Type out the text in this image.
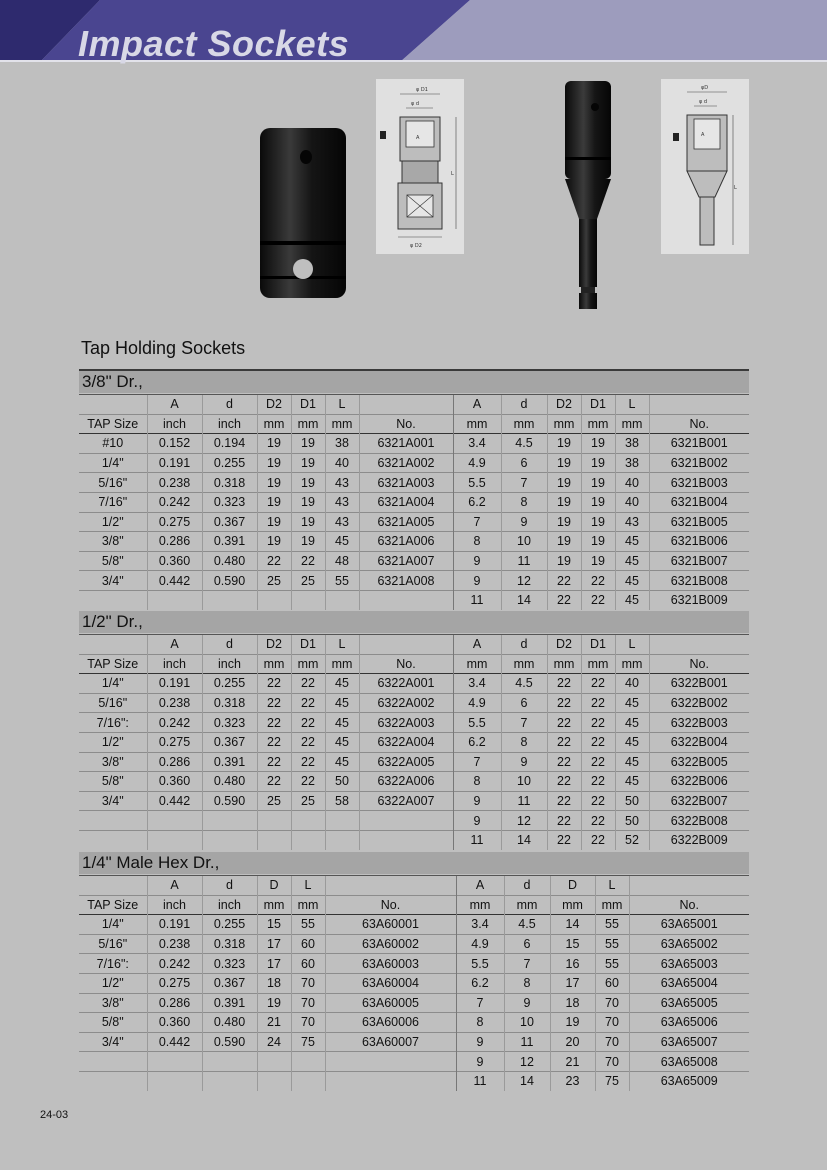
Impact Sockets
φ D1
φ d
A
L
φ D2
φD
φ d
A
L
Tap Holding Sockets
3/8" Dr.,
	A	d	D2	D1	L		A	d	D2	D1	L	
TAP Size	inch	inch	mm	mm	mm	No.	mm	mm	mm	mm	mm	No.
#10	0.152	0.194	19	19	38	6321A001	3.4	4.5	19	19	38	6321B001
1/4"	0.191	0.255	19	19	40	6321A002	4.9	6	19	19	38	6321B002
5/16"	0.238	0.318	19	19	43	6321A003	5.5	7	19	19	40	6321B003
7/16"	0.242	0.323	19	19	43	6321A004	6.2	8	19	19	40	6321B004
1/2"	0.275	0.367	19	19	43	6321A005	7	9	19	19	43	6321B005
3/8"	0.286	0.391	19	19	45	6321A006	8	10	19	19	45	6321B006
5/8"	0.360	0.480	22	22	48	6321A007	9	11	19	19	45	6321B007
3/4"	0.442	0.590	25	25	55	6321A008	9	12	22	22	45	6321B008
							11	14	22	22	45	6321B009
1/2" Dr.,
	A	d	D2	D1	L		A	d	D2	D1	L	
TAP Size	inch	inch	mm	mm	mm	No.	mm	mm	mm	mm	mm	No.
1/4"	0.191	0.255	22	22	45	6322A001	3.4	4.5	22	22	40	6322B001
5/16"	0.238	0.318	22	22	45	6322A002	4.9	6	22	22	45	6322B002
7/16":	0.242	0.323	22	22	45	6322A003	5.5	7	22	22	45	6322B003
1/2"	0.275	0.367	22	22	45	6322A004	6.2	8	22	22	45	6322B004
3/8"	0.286	0.391	22	22	45	6322A005	7	9	22	22	45	6322B005
5/8"	0.360	0.480	22	22	50	6322A006	8	10	22	22	45	6322B006
3/4"	0.442	0.590	25	25	58	6322A007	9	11	22	22	50	6322B007
							9	12	22	22	50	6322B008
							11	14	22	22	52	6322B009
1/4" Male Hex Dr.,
	A	d	D	L		A	d	D	L	
TAP Size	inch	inch	mm	mm	No.	mm	mm	mm	mm	No.
1/4"	0.191	0.255	15	55	63A60001	3.4	4.5	14	55	63A65001
5/16"	0.238	0.318	17	60	63A60002	4.9	6	15	55	63A65002
7/16":	0.242	0.323	17	60	63A60003	5.5	7	16	55	63A65003
1/2"	0.275	0.367	18	70	63A60004	6.2	8	17	60	63A65004
3/8"	0.286	0.391	19	70	63A60005	7	9	18	70	63A65005
5/8"	0.360	0.480	21	70	63A60006	8	10	19	70	63A65006
3/4"	0.442	0.590	24	75	63A60007	9	11	20	70	63A65007
						9	12	21	70	63A65008
						11	14	23	75	63A65009
24-03
